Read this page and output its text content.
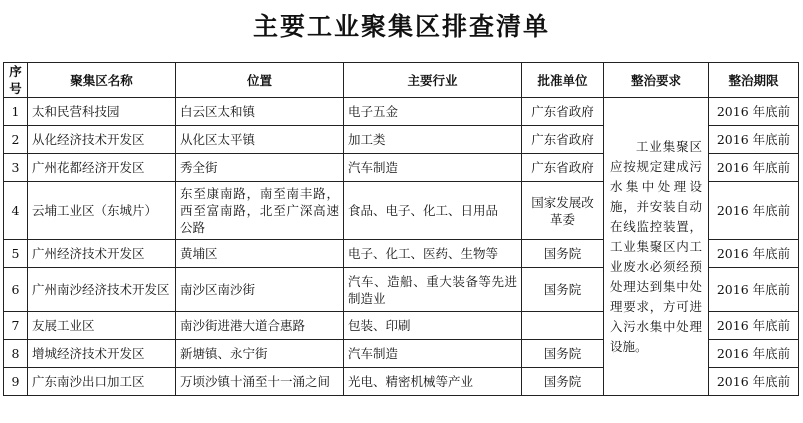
主要工业聚集区排查清单
序号	聚集区名称	位置	主要行业	批准单位	整治要求	整治期限
1	太和民营科技园	白云区太和镇	电子五金	广东省政府	工业集聚区应按规定建成污水集中处理设施，并安装自动在线监控装置，工业集聚区内工业废水必须经预处理达到集中处理要求，方可进入污水集中处理设施。	2016 年底前
2	从化经济技术开发区	从化区太平镇	加工类	广东省政府		2016 年底前
3	广州花都经济开发区	秀全街	汽车制造	广东省政府		2016 年底前
4	云埔工业区（东城片）	东至康南路，南至南丰路，西至富南路，北至广深高速公路	食品、电子、化工、日用品	国家发展改革委		2016 年底前
5	广州经济技术开发区	黄埔区	电子、化工、医药、生物等	国务院		2016 年底前
6	广州南沙经济技术开发区	南沙区南沙街	汽车、造船、重大装备等先进制造业	国务院		2016 年底前
7	友展工业区	南沙街进港大道合惠路	包装、印刷			2016 年底前
8	增城经济技术开发区	新塘镇、永宁街	汽车制造	国务院		2016 年底前
9	广东南沙出口加工区	万顷沙镇十涌至十一涌之间	光电、精密机械等产业	国务院		2016 年底前
